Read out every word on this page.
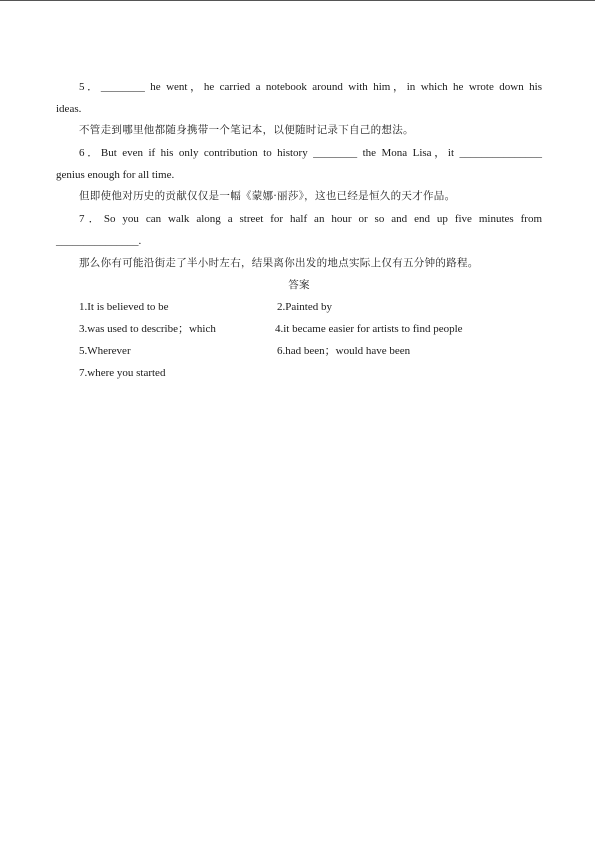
5．________ he went，he carried a notebook around with him，in which he wrote down his
ideas.
不管走到哪里他都随身携带一个笔记本，以便随时记录下自己的想法。
6．But even if his only contribution to history ________ the Mona Lisa，it _______________
genius enough for all time.
但即使他对历史的贡献仅仅是一幅《蒙娜·丽莎》，这也已经是恒久的天才作品。
7．So you can walk along a street for half an hour or so and end up five minutes from
_______________.
那么你有可能沿街走了半小时左右，结果离你出发的地点实际上仅有五分钟的路程。
答案
1.It is believed to be	2.Painted by
3.was used to describe；which	4.it became easier for artists to find people
5.Wherever	6.had been；would have been
7.where you started
